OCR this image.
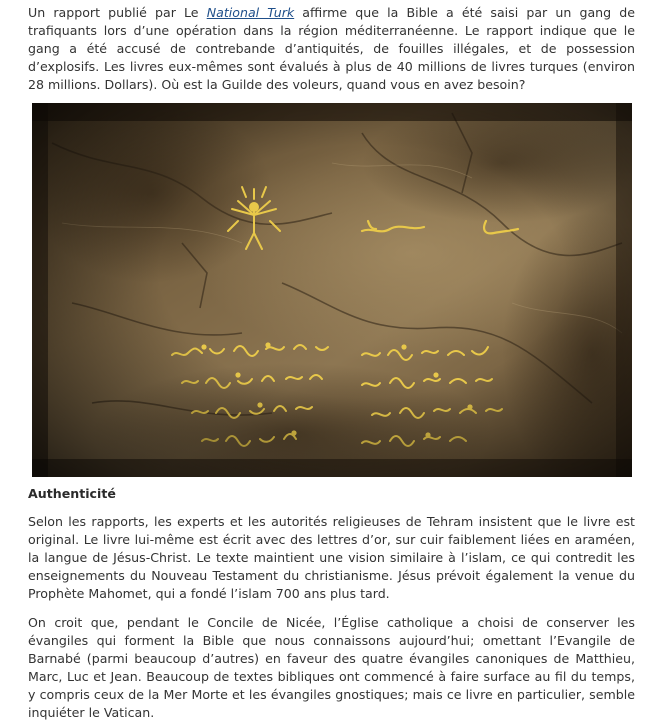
Un rapport publié par Le National Turk affirme que la Bible a été saisi par un gang de trafiquants lors d’une opération dans la région méditerranéenne. Le rapport indique que le gang a été accusé de contrebande d’antiquités, de fouilles illégales, et de possession d’explosifs. Les livres eux-mêmes sont évalués à plus de 40 millions de livres turques (environ 28 millions. Dollars). Où est la Guilde des voleurs, quand vous en avez besoin?

Authenticité

Selon les rapports, les experts et les autorités religieuses de Tehram insistent que le livre est original. Le livre lui-même est écrit avec des lettres d’or, sur cuir faiblement liées en araméen, la langue de Jésus-Christ. Le texte maintient une vision similaire à l’islam, ce qui contredit les enseignements du Nouveau Testament du christianisme. Jésus prévoit également la venue du Prophète Mahomet, qui a fondé l’islam 700 ans plus tard.

On croit que, pendant le Concile de Nicée, l’Église catholique a choisi de conserver les évangiles qui forment la Bible que nous connaissons aujourd’hui; omettant l’Evangile de Barnabé (parmi beaucoup d’autres) en faveur des quatre évangiles canoniques de Matthieu, Marc, Luc et Jean. Beaucoup de textes bibliques ont commencé à faire surface au fil du temps, y compris ceux de la Mer Morte et les évangiles gnostiques; mais ce livre en particulier, semble inquiéter le Vatican.
